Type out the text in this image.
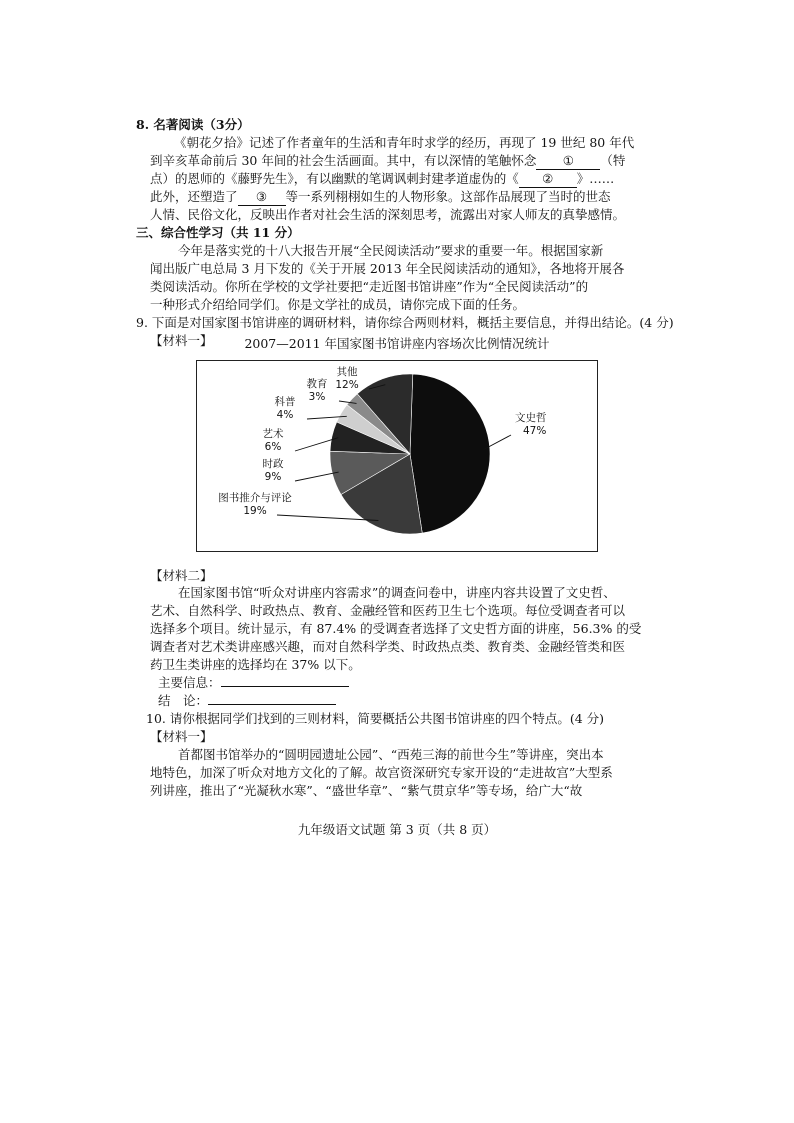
8. 名著阅读（3分）
《朝花夕拾》记述了作者童年的生活和青年时求学的经历，再现了 19 世纪 80 年代
到辛亥革命前后 30 年间的社会生活画面。其中，有以深情的笔触怀念 ① （特
点）的恩师的《藤野先生》，有以幽默的笔调讽刺封建孝道虚伪的《 ② 》……
此外，还塑造了 ③ 等一系列栩栩如生的人物形象。这部作品展现了当时的世态
人情、民俗文化，反映出作者对社会生活的深刻思考，流露出对家人师友的真挚感情。
三、综合性学习（共 11 分）
今年是落实党的十八大报告开展“全民阅读活动”要求的重要一年。根据国家新
闻出版广电总局 3 月下发的《关于开展 2013 年全民阅读活动的通知》，各地将开展各
类阅读活动。你所在学校的文学社要把“走近图书馆讲座”作为“全民阅读活动”的
一种形式介绍给同学们。你是文学社的成员，请你完成下面的任务。
9. 下面是对国家图书馆讲座的调研材料，请你综合两则材料，概括主要信息，并得出结论。(4 分)
【材料一】	2007—2011 年国家图书馆讲座内容场次比例情况统计
文史哲
47%
图书推介与评论
19%
时政
9%
艺术
6%
科普
4%
教育
3%
其他
12%
【材料二】
在国家图书馆“听众对讲座内容需求”的调查问卷中，讲座内容共设置了文史哲、
艺术、自然科学、时政热点、教育、金融经管和医药卫生七个选项。每位受调查者可以
选择多个项目。统计显示，有 87.4% 的受调查者选择了文史哲方面的讲座，56.3% 的受
调查者对艺术类讲座感兴趣，而对自然科学类、时政热点类、教育类、金融经管类和医
药卫生类讲座的选择均在 37% 以下。
主要信息：
结　论：
10. 请你根据同学们找到的三则材料，简要概括公共图书馆讲座的四个特点。(4 分)
【材料一】
首都图书馆举办的“圆明园遗址公园”、“西苑三海的前世今生”等讲座，突出本
地特色，加深了听众对地方文化的了解。故宫资深研究专家开设的“走进故宫”大型系
列讲座，推出了“光凝秋水寒”、“盛世华章”、“紫气贯京华”等专场，给广大“故
九年级语文试题 第 3 页（共 8 页）
